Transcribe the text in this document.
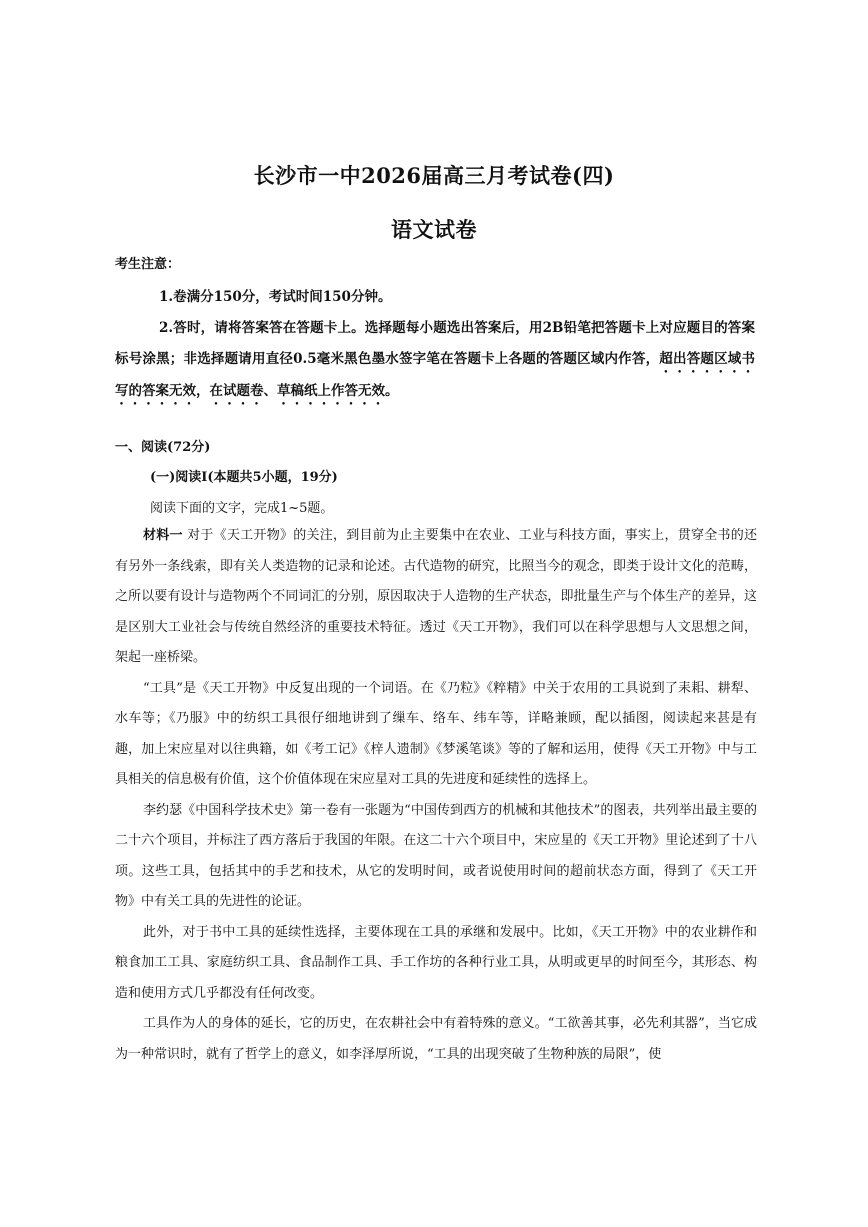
长沙市一中2026届高三月考试卷(四)
语文试卷
考生注意：
1.卷满分150分，考试时间150分钟。
2.答时，请将答案答在答题卡上。选择题每小题选出答案后，用2B铅笔把答题卡上对应题目的答案标号涂黑；非选择题请用直径0.5毫米黑色墨水签字笔在答题卡上各题的答题区域内作答，超出答题区域书写的答案无效，在试题卷、草稿纸上作答无效。
一、阅读(72分)
(一)阅读Ⅰ(本题共5小题，19分)
阅读下面的文字，完成1~5题。

材料一 对于《天工开物》的关注，到目前为止主要集中在农业、工业与科技方面，事实上，贯穿全书的还有另外一条线索，即有关人类造物的记录和论述。古代造物的研究，比照当今的观念，即类于设计文化的范畴，之所以要有设计与造物两个不同词汇的分别，原因取决于人造物的生产状态，即批量生产与个体生产的差异，这是区别大工业社会与传统自然经济的重要技术特征。透过《天工开物》，我们可以在科学思想与人文思想之间，架起一座桥梁。

“工具”是《天工开物》中反复出现的一个词语。在《乃粒》《粹精》中关于农用的工具说到了耒耜、耕犁、水车等；《乃服》中的纺织工具很仔细地讲到了缫车、络车、纬车等，详略兼顾，配以插图，阅读起来甚是有趣，加上宋应星对以往典籍，如《考工记》《梓人遗制》《梦溪笔谈》等的了解和运用，使得《天工开物》中与工具相关的信息极有价值，这个价值体现在宋应星对工具的先进度和延续性的选择上。

李约瑟《中国科学技术史》第一卷有一张题为“中国传到西方的机械和其他技术”的图表，共列举出最主要的二十六个项目，并标注了西方落后于我国的年限。在这二十六个项目中，宋应星的《天工开物》里论述到了十八项。这些工具，包括其中的手艺和技术，从它的发明时间，或者说使用时间的超前状态方面，得到了《天工开物》中有关工具的先进性的论证。

此外，对于书中工具的延续性选择，主要体现在工具的承继和发展中。比如，《天工开物》中的农业耕作和粮食加工工具、家庭纺织工具、食品制作工具、手工作坊的各种行业工具，从明或更早的时间至今，其形态、构造和使用方式几乎都没有任何改变。

工具作为人的身体的延长，它的历史，在农耕社会中有着特殊的意义。“工欲善其事，必先利其器”，当它成为一种常识时，就有了哲学上的意义，如李泽厚所说，“工具的出现突破了生物种族的局限”，使
